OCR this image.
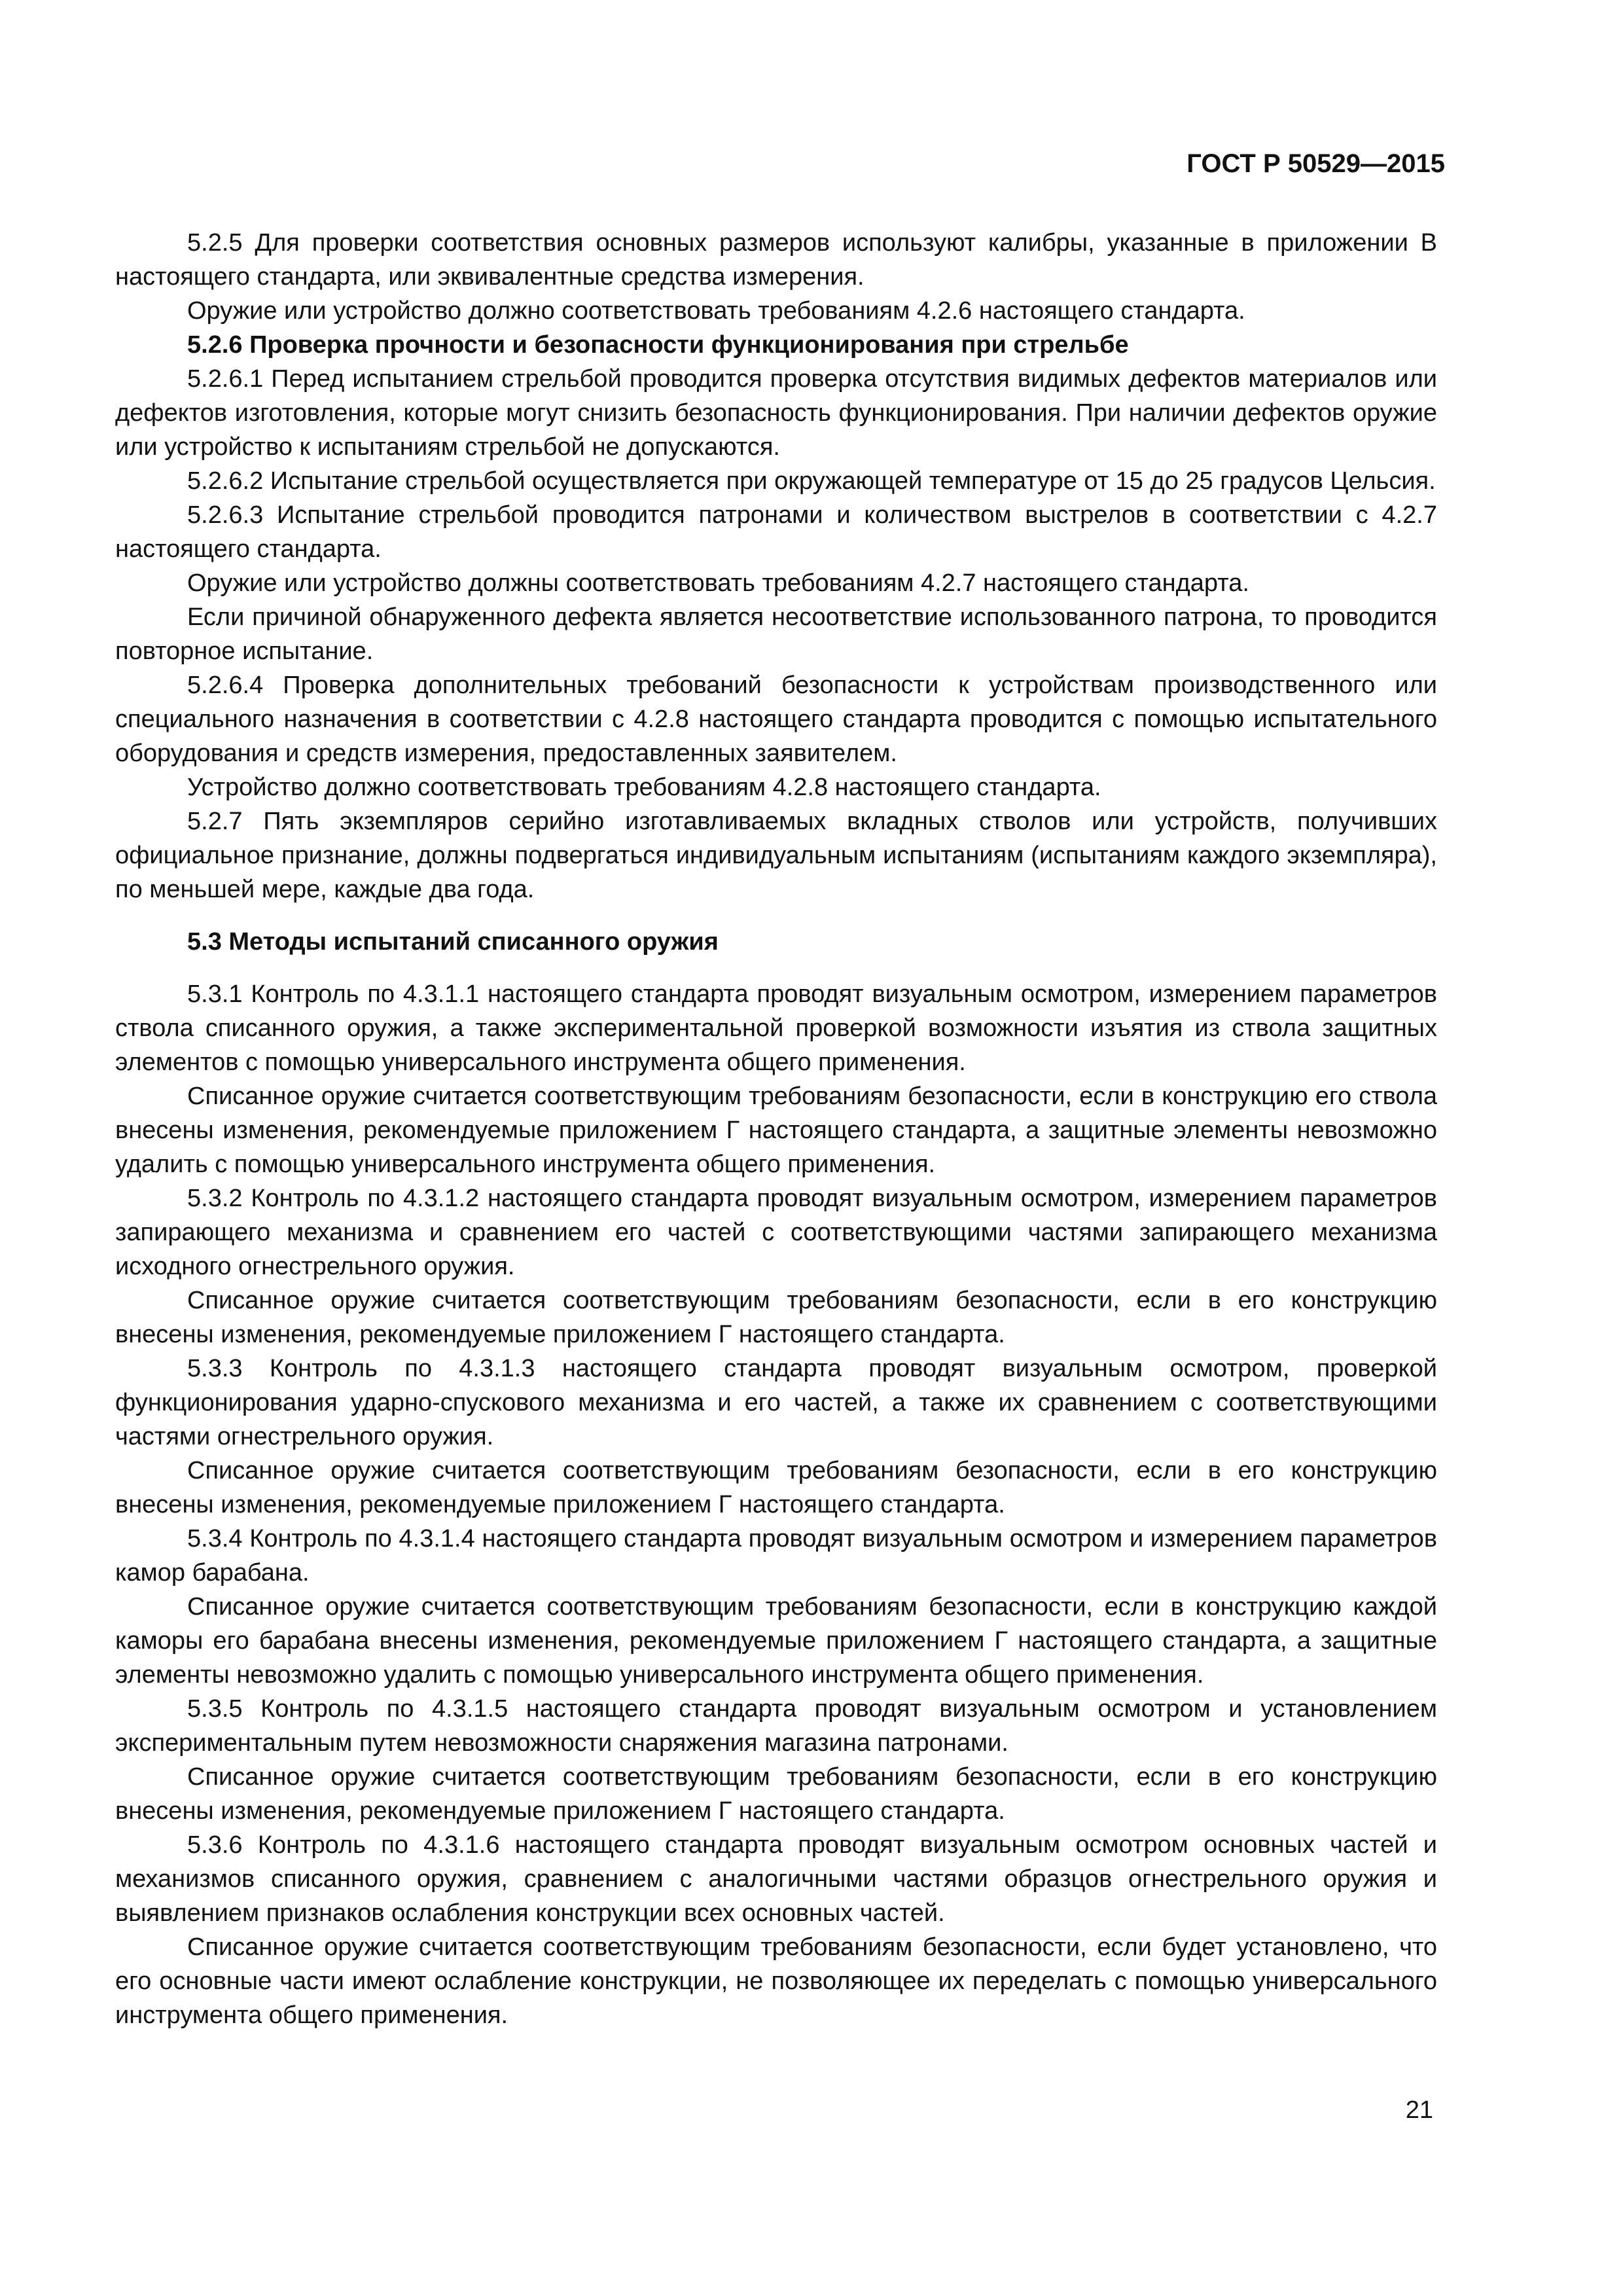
ГОСТ Р 50529—2015

5.2.5 Для проверки соответствия основных размеров используют калибры, указанные в приложении В настоящего стандарта, или эквивалентные средства измерения.

Оружие или устройство должно соответствовать требованиям 4.2.6 настоящего стандарта.

5.2.6 Проверка прочности и безопасности функционирования при стрельбе

5.2.6.1 Перед испытанием стрельбой проводится проверка отсутствия видимых дефектов материалов или дефектов изготовления, которые могут снизить безопасность функционирования. При наличии дефектов оружие или устройство к испытаниям стрельбой не допускаются.

5.2.6.2 Испытание стрельбой осуществляется при окружающей температуре от 15 до 25 градусов Цельсия.

5.2.6.3 Испытание стрельбой проводится патронами и количеством выстрелов в соответствии с 4.2.7 настоящего стандарта.

Оружие или устройство должны соответствовать требованиям 4.2.7 настоящего стандарта.

Если причиной обнаруженного дефекта является несоответствие использованного патрона, то проводится повторное испытание.

5.2.6.4 Проверка дополнительных требований безопасности к устройствам производственного или специального назначения в соответствии с 4.2.8 настоящего стандарта проводится с помощью испытательного оборудования и средств измерения, предоставленных заявителем.

Устройство должно соответствовать требованиям 4.2.8 настоящего стандарта.

5.2.7 Пять экземпляров серийно изготавливаемых вкладных стволов или устройств, получивших официальное признание, должны подвергаться индивидуальным испытаниям (испытаниям каждого экземпляра), по меньшей мере, каждые два года.

5.3 Методы испытаний списанного оружия

5.3.1 Контроль по 4.3.1.1 настоящего стандарта проводят визуальным осмотром, измерением параметров ствола списанного оружия, а также экспериментальной проверкой возможности изъятия из ствола защитных элементов с помощью универсального инструмента общего применения.

Списанное оружие считается соответствующим требованиям безопасности, если в конструкцию его ствола внесены изменения, рекомендуемые приложением Г настоящего стандарта, а защитные элементы невозможно удалить с помощью универсального инструмента общего применения.

5.3.2 Контроль по 4.3.1.2 настоящего стандарта проводят визуальным осмотром, измерением параметров запирающего механизма и сравнением его частей с соответствующими частями запирающего механизма исходного огнестрельного оружия.

Списанное оружие считается соответствующим требованиям безопасности, если в его конструкцию внесены изменения, рекомендуемые приложением Г настоящего стандарта.

5.3.3 Контроль по 4.3.1.3 настоящего стандарта проводят визуальным осмотром, проверкой функционирования ударно-спускового механизма и его частей, а также их сравнением с соответствующими частями огнестрельного оружия.

Списанное оружие считается соответствующим требованиям безопасности, если в его конструкцию внесены изменения, рекомендуемые приложением Г настоящего стандарта.

5.3.4 Контроль по 4.3.1.4 настоящего стандарта проводят визуальным осмотром и измерением параметров камор барабана.

Списанное оружие считается соответствующим требованиям безопасности, если в конструкцию каждой каморы его барабана внесены изменения, рекомендуемые приложением Г настоящего стандарта, а защитные элементы невозможно удалить с помощью универсального инструмента общего применения.

5.3.5 Контроль по 4.3.1.5 настоящего стандарта проводят визуальным осмотром и установлением экспериментальным путем невозможности снаряжения магазина патронами.

Списанное оружие считается соответствующим требованиям безопасности, если в его конструкцию внесены изменения, рекомендуемые приложением Г настоящего стандарта.

5.3.6 Контроль по 4.3.1.6 настоящего стандарта проводят визуальным осмотром основных частей и механизмов списанного оружия, сравнением с аналогичными частями образцов огнестрельного оружия и выявлением признаков ослабления конструкции всех основных частей.

Списанное оружие считается соответствующим требованиям безопасности, если будет установлено, что его основные части имеют ослабление конструкции, не позволяющее их переделать с помощью универсального инструмента общего применения.

21
